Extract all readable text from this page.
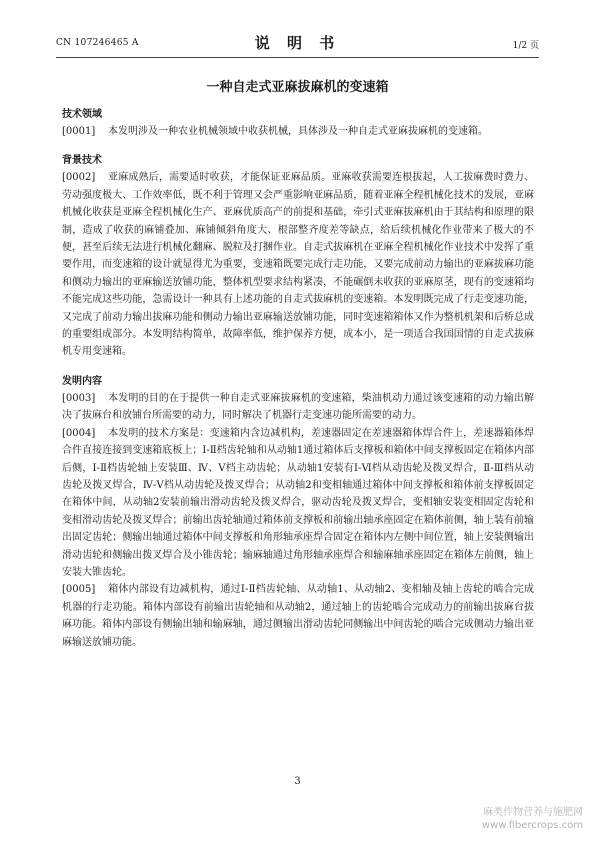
CN 107246465 A	说 明 书	1/2 页
一种自走式亚麻拔麻机的变速箱
技术领域

[0001] 本发明涉及一种农业机械领域中收获机械，具体涉及一种自走式亚麻拔麻机的变速箱。

背景技术

[0002] 亚麻成熟后，需要适时收获，才能保证亚麻品质。亚麻收获需要连根拔起，人工拔麻费时费力、劳动强度极大、工作效率低，既不利于管理又会严重影响亚麻品质，随着亚麻全程机械化技术的发展，亚麻机械化收获是亚麻全程机械化生产、亚麻优质高产的前提和基础，牵引式亚麻拔麻机由于其结构和原理的限制，造成了收获的麻铺叠加、麻铺倾斜角度大、根部整齐度差等缺点，给后续机械化作业带来了极大的不便，甚至后续无法进行机械化翻麻、脱粒及打捆作业。自走式拔麻机在亚麻全程机械化作业技术中发挥了重要作用，而变速箱的设计就显得尤为重要，变速箱既要完成行走功能，又要完成前动力输出的亚麻拔麻功能和侧动力输出的亚麻输送放铺功能，整体机型要求结构紧凑，不能碾倒未收获的亚麻原茎，现有的变速箱均不能完成这些功能，急需设计一种具有上述功能的自走式拔麻机的变速箱。本发明既完成了行走变速功能，又完成了前动力输出拔麻功能和侧动力输出亚麻输送放铺功能，同时变速箱箱体又作为整机机架和后桥总成的重要组成部分。本发明结构简单，故障率低，维护保养方便，成本小，是一项适合我国国情的自走式拔麻机专用变速箱。

发明内容

[0003] 本发明的目的在于提供一种自走式亚麻拔麻机的变速箱，柴油机动力通过该变速箱的动力输出解决了拔麻台和放铺台所需要的动力，同时解决了机器行走变速功能所需要的动力。

[0004] 本发明的技术方案是：变速箱内含边减机构，差速器固定在差速器箱体焊合件上，差速器箱体焊合件直接连接到变速箱底板上；Ⅰ-Ⅱ档齿轮轴和从动轴1通过箱体后支撑板和箱体中间支撑板固定在箱体内部后侧，Ⅰ-Ⅱ档齿轮轴上安装Ⅲ、Ⅳ、Ⅴ档主动齿轮；从动轴1安装有Ⅰ-Ⅵ档从动齿轮及拨叉焊合，Ⅱ-Ⅲ档从动齿轮及拨叉焊合，Ⅳ-Ⅴ档从动齿轮及拨叉焊合；从动轴2和变相轴通过箱体中间支撑板和箱体前支撑板固定在箱体中间，从动轴2安装前输出滑动齿轮及拨叉焊合，驱动齿轮及拨叉焊合，变相轴安装变相固定齿轮和变相滑动齿轮及拨叉焊合；前输出齿轮轴通过箱体前支撑板和前输出轴承座固定在箱体前侧，轴上装有前输出固定齿轮；侧输出轴通过箱体中间支撑板和角形轴承座焊合固定在箱体内左侧中间位置，轴上安装侧输出滑动齿轮和侧输出拨叉焊合及小锥齿轮；输麻轴通过角形轴承座焊合和输麻轴承座固定在箱体左前侧，轴上安装大锥齿轮。

[0005] 箱体内部设有边减机构，通过Ⅰ-Ⅱ档齿轮轴、从动轴1、从动轴2、变相轴及轴上齿轮的啮合完成机器的行走功能。箱体内部设有前输出齿轮轴和从动轴2，通过轴上的齿轮啮合完成动力的前输出拔麻台拔麻功能。箱体内部设有侧输出轴和输麻轴，通过侧输出滑动齿轮同侧输出中间齿轮的啮合完成侧动力输出亚麻输送放铺功能。

3
麻类作物营养与施肥网
www.fibercrops.com
